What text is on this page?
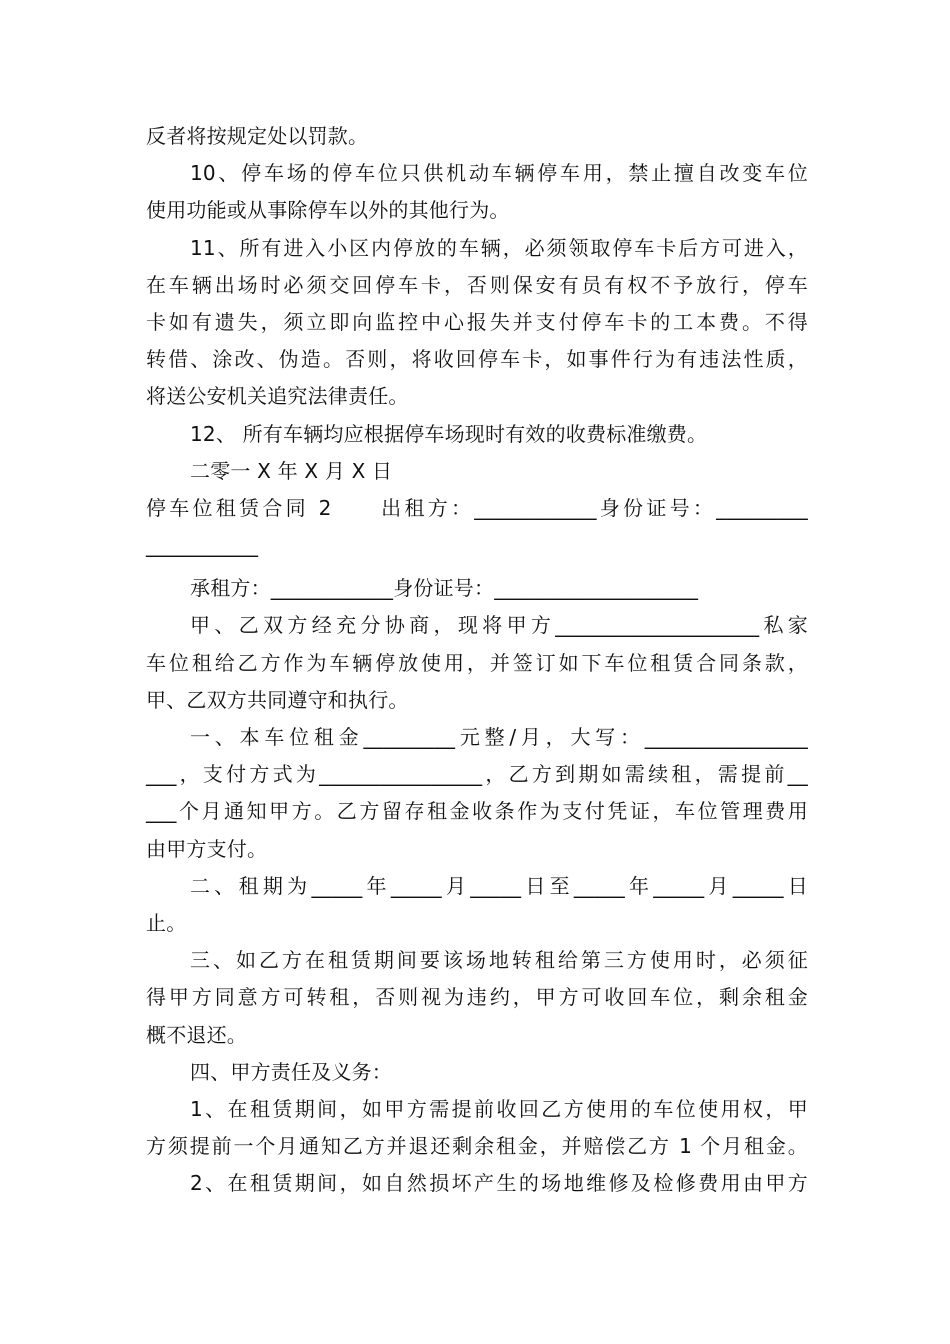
反者将按规定处以罚款。
10、停车场的停车位只供机动车辆停车用，禁止擅自改变车位
使用功能或从事除停车以外的其他行为。
11、所有进入小区内停放的车辆，必须领取停车卡后方可进入，
在车辆出场时必须交回停车卡，否则保安有员有权不予放行，停车
卡如有遗失，须立即向监控中心报失并支付停车卡的工本费。不得
转借、涂改、伪造。否则，将收回停车卡，如事件行为有违法性质，
将送公安机关追究法律责任。
12、 所有车辆均应根据停车场现时有效的收费标准缴费。
二零一 X 年 X 月 X 日
停车位租赁合同 2　　出租方：____________身份证号：_________
___________
承租方：____________身份证号：____________________
甲、乙双方经充分协商，现将甲方____________________私家
车位租给乙方作为车辆停放使用，并签订如下车位租赁合同条款，
甲、乙双方共同遵守和执行。
一、本车位租金_________元整/月，大写：________________
___，支付方式为________________，乙方到期如需续租，需提前__
___个月通知甲方。乙方留存租金收条作为支付凭证，车位管理费用
由甲方支付。
二、租期为_____年_____月_____日至_____年_____月_____日
止。
三、如乙方在租赁期间要该场地转租给第三方使用时，必须征
得甲方同意方可转租，否则视为违约，甲方可收回车位，剩余租金
概不退还。
四、甲方责任及义务：
1、在租赁期间，如甲方需提前收回乙方使用的车位使用权，甲
方须提前一个月通知乙方并退还剩余租金，并赔偿乙方 1 个月租金。
2、在租赁期间，如自然损坏产生的场地维修及检修费用由甲方
